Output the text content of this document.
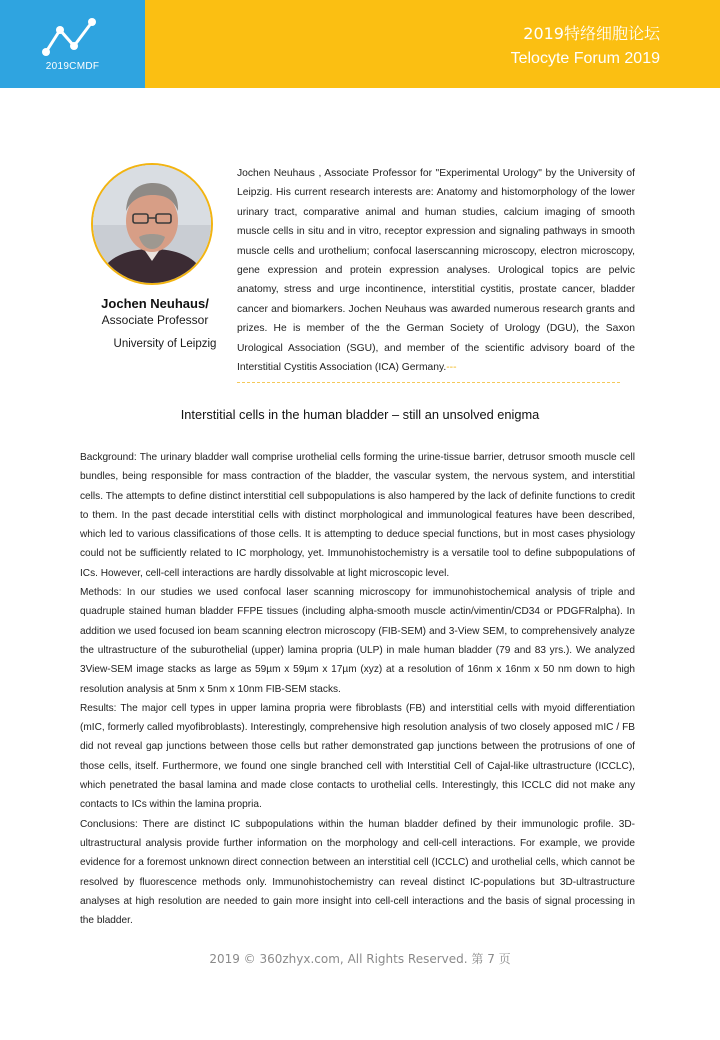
2019CMDF
2019特络细胞论坛
Telocyte Forum 2019
Jochen Neuhaus/
Associate Professor
University of Leipzig
Jochen Neuhaus , Associate Professor for "Experimental Urology" by the University of Leipzig. His current research interests are: Anatomy and histomorphology of the lower urinary tract, comparative animal and human studies, calcium imaging of smooth muscle cells in situ and in vitro, receptor expression and signaling pathways in smooth muscle cells and urothelium; confocal laserscanning microscopy, electron microscopy, gene expression and protein expression analyses. Urological topics are pelvic anatomy, stress and urge incontinence, interstitial cystitis, prostate cancer, bladder cancer and biomarkers. Jochen Neuhaus was awarded numerous research grants and prizes. He is member of the the German Society of Urology (DGU), the Saxon Urological Association (SGU), and member of the scientific advisory board of the Interstitial Cystitis Association (ICA) Germany.---
Interstitial cells in the human bladder – still an unsolved enigma

Background: The urinary bladder wall comprise urothelial cells forming the urine-tissue barrier, detrusor smooth muscle cell bundles, being responsible for mass contraction of the bladder, the vascular system, the nervous system, and interstitial cells. The attempts to define distinct interstitial cell subpopulations is also hampered by the lack of definite functions to credit to them. In the past decade interstitial cells with distinct morphological and immunological features have been described, which led to various classifications of those cells. It is attempting to deduce special functions, but in most cases physiology could not be sufficiently related to IC morphology, yet. Immunohistochemistry is a versatile tool to define subpopulations of ICs. However, cell-cell interactions are hardly dissolvable at light microscopic level.

Methods: In our studies we used confocal laser scanning microscopy for immunohistochemical analysis of triple and quadruple stained human bladder FFPE tissues (including alpha-smooth muscle actin/vimentin/CD34 or PDGFRalpha). In addition we used focused ion beam scanning electron microscopy (FIB-SEM) and 3-View SEM, to comprehensively analyze the ultrastructure of the suburothelial (upper) lamina propria (ULP) in male human bladder (79 and 83 yrs.). We analyzed 3View-SEM image stacks as large as 59µm x 59µm x 17µm (xyz) at a resolution of 16nm x 16nm x 50 nm down to high resolution analysis at 5nm x 5nm x 10nm FIB-SEM stacks.

Results: The major cell types in upper lamina propria were fibroblasts (FB) and interstitial cells with myoid differentiation (mIC, formerly called myofibroblasts). Interestingly, comprehensive high resolution analysis of two closely apposed mIC / FB did not reveal gap junctions between those cells but rather demonstrated gap junctions between the protrusions of one of those cells, itself. Furthermore, we found one single branched cell with Interstitial Cell of Cajal-like ultrastructure (ICCLC), which penetrated the basal lamina and made close contacts to urothelial cells. Interestingly, this ICCLC did not make any contacts to ICs within the lamina propria.

Conclusions: There are distinct IC subpopulations within the human bladder defined by their immunologic profile. 3D-ultrastructural analysis provide further information on the morphology and cell-cell interactions. For example, we provide evidence for a foremost unknown direct connection between an interstitial cell (ICCLC) and urothelial cells, which cannot be resolved by fluorescence methods only. Immunohistochemistry can reveal distinct IC-populations but 3D-ultrastructure analyses at high resolution are needed to gain more insight into cell-cell interactions and the basis of signal processing in the bladder.

2019 © 360zhyx.com, All Rights Reserved. 第 7 页
